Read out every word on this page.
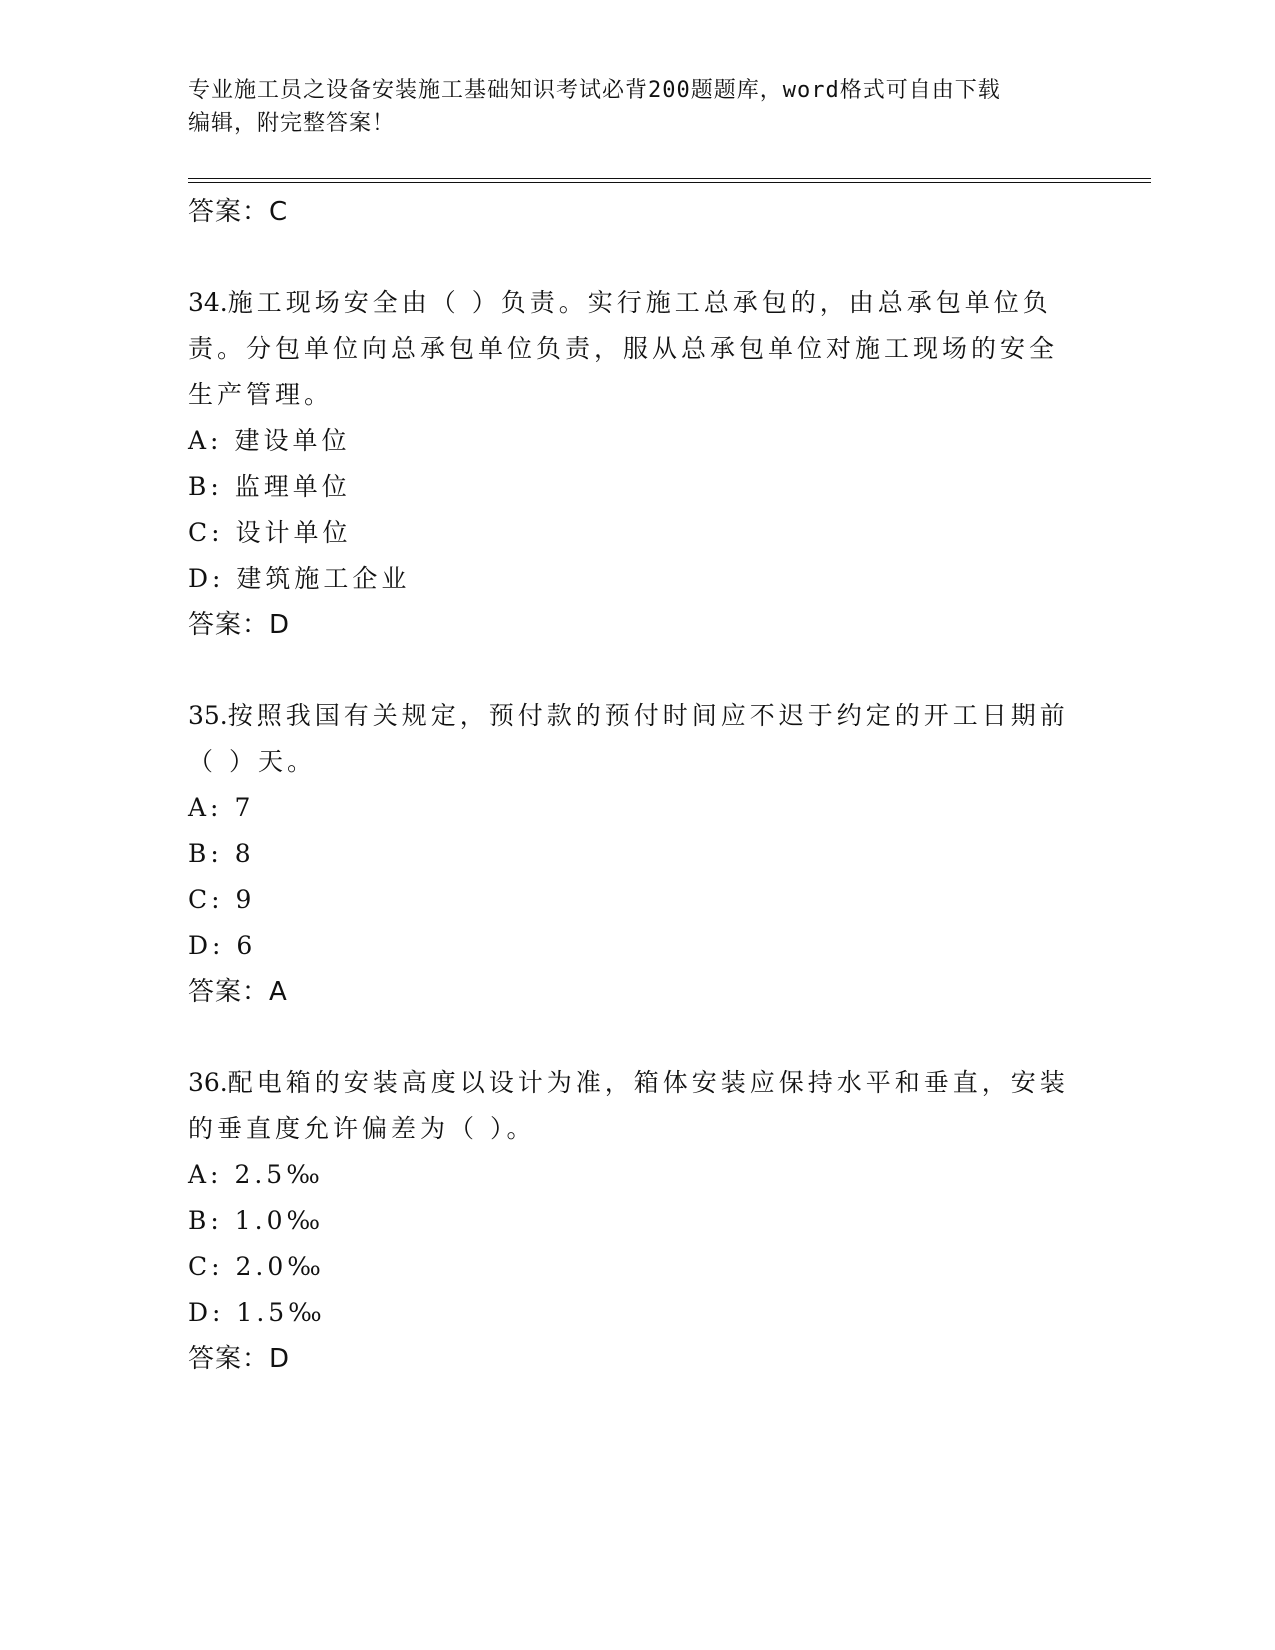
专业施工员之设备安装施工基础知识考试必背200题题库，word格式可自由下载
编辑，附完整答案！
答案：C
34.施工现场安全由（ ）负责。实行施工总承包的，由总承包单位负
责。分包单位向总承包单位负责，服从总承包单位对施工现场的安全
生产管理。
A: 建设单位
B: 监理单位
C: 设计单位
D: 建筑施工企业
答案：D
35.按照我国有关规定，预付款的预付时间应不迟于约定的开工日期前
（ ）天。
A: 7
B: 8
C: 9
D: 6
答案：A
36.配电箱的安装高度以设计为准，箱体安装应保持水平和垂直，安装
的垂直度允许偏差为（ ）。
A: 2.5‰
B: 1.0‰
C: 2.0‰
D: 1.5‰
答案：D
